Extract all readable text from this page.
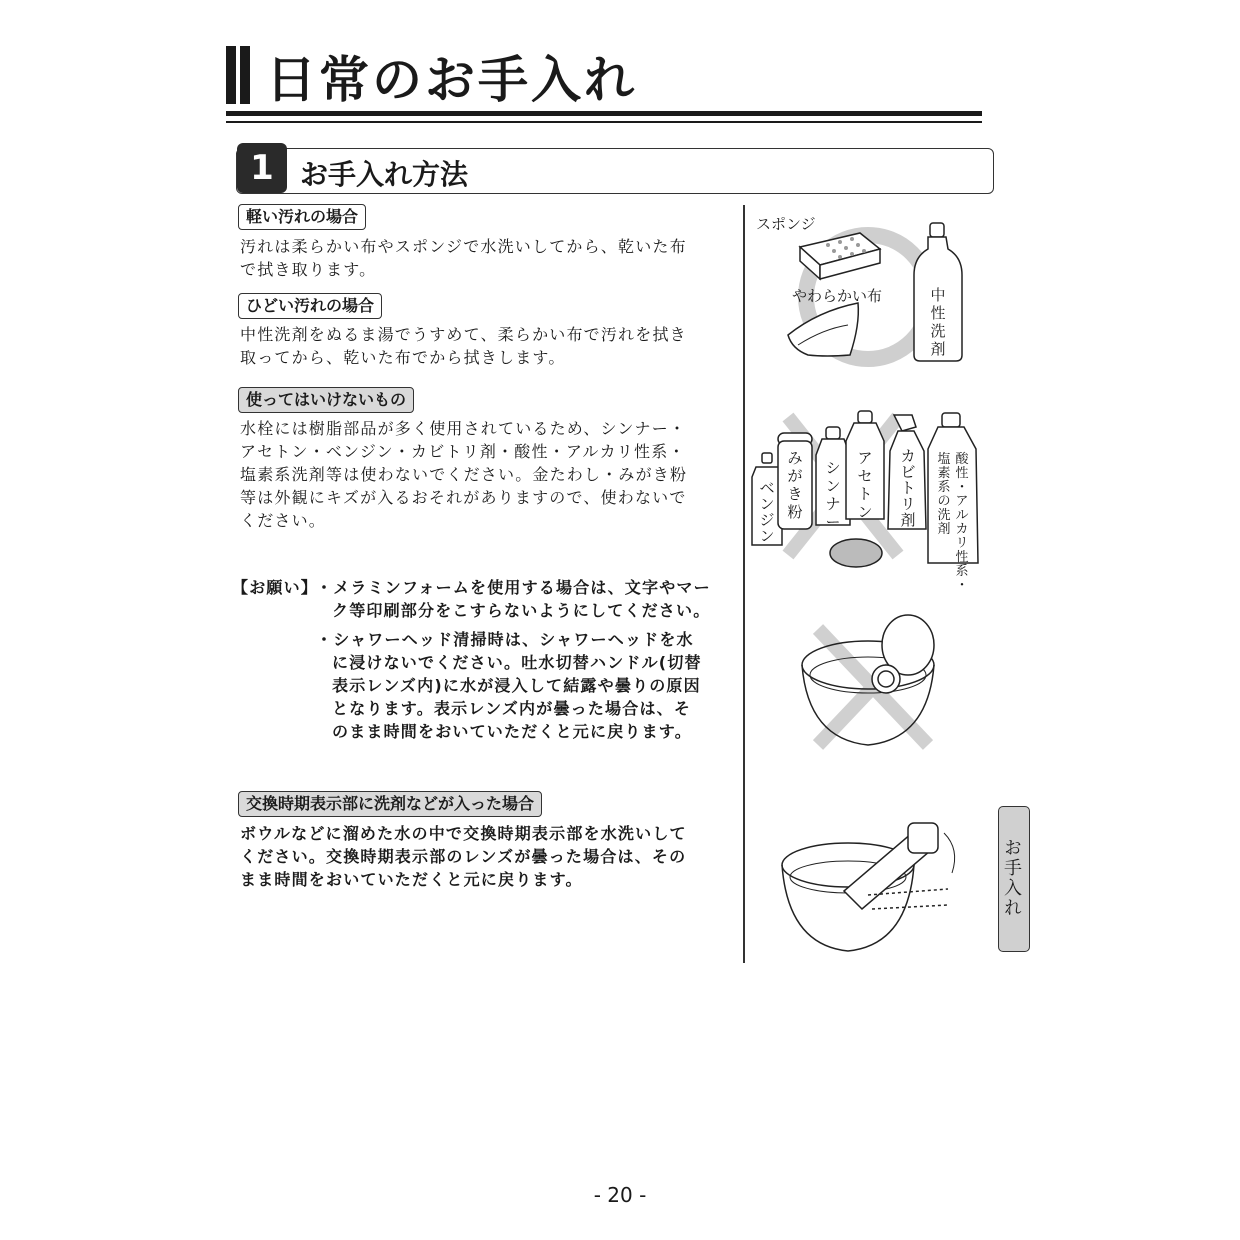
日常のお手入れ
1 お手入れ方法
軽い汚れの場合
汚れは柔らかい布やスポンジで水洗いしてから、乾いた布
で拭き取ります。
ひどい汚れの場合
中性洗剤をぬるま湯でうすめて、柔らかい布で汚れを拭き
取ってから、乾いた布でから拭きします。
使ってはいけないもの
水栓には樹脂部品が多く使用されているため、シンナー・
アセトン・ベンジン・カビトリ剤・酸性・アルカリ性系・
塩素系洗剤等は使わないでください。金たわし・みがき粉
等は外観にキズが入るおそれがありますので、使わないで
ください。
【お願い】
・メラミンフォームを使用する場合は、文字やマー
ク等印刷部分をこすらないようにしてください。
・シャワーヘッド清掃時は、シャワーヘッドを水
に浸けないでください。吐水切替ハンドル(切替
表示レンズ内)に水が浸入して結露や曇りの原因
となります。表示レンズ内が曇った場合は、そ
のまま時間をおいていただくと元に戻ります。
交換時期表示部に洗剤などが入った場合
ボウルなどに溜めた水の中で交換時期表示部を水洗いして
ください。交換時期表示部のレンズが曇った場合は、その
まま時間をおいていただくと元に戻ります。
スポンジ
やわらかい布	中性洗剤
ベンジン
みがき粉
シンナー
アセトン
カビトリ剤
酸性・アルカリ性系・
塩素系の洗剤
お手入れ
- 20 -
